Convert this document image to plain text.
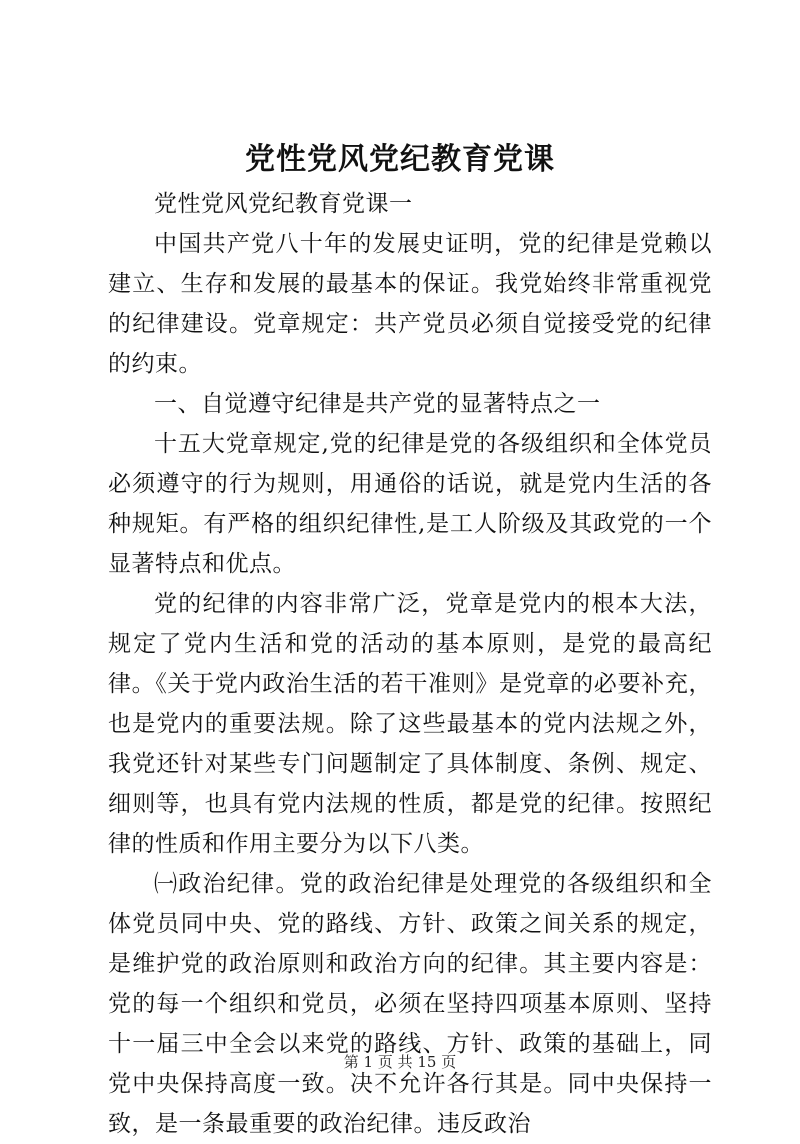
党性党风党纪教育党课

党性党风党纪教育党课一

中国共产党八十年的发展史证明，党的纪律是党赖以建立、生存和发展的最基本的保证。我党始终非常重视党的纪律建设。党章规定：共产党员必须自觉接受党的纪律的约束。

一、自觉遵守纪律是共产党的显著特点之一

十五大党章规定,党的纪律是党的各级组织和全体党员必须遵守的行为规则，用通俗的话说，就是党内生活的各种规矩。有严格的组织纪律性,是工人阶级及其政党的一个显著特点和优点。

党的纪律的内容非常广泛，党章是党内的根本大法，规定了党内生活和党的活动的基本原则，是党的最高纪律。《关于党内政治生活的若干准则》是党章的必要补充，也是党内的重要法规。除了这些最基本的党内法规之外，我党还针对某些专门问题制定了具体制度、条例、规定、细则等，也具有党内法规的性质，都是党的纪律。按照纪律的性质和作用主要分为以下八类。

㈠政治纪律。党的政治纪律是处理党的各级组织和全体党员同中央、党的路线、方针、政策之间关系的规定，是维护党的政治原则和政治方向的纪律。其主要内容是：党的每一个组织和党员，必须在坚持四项基本原则、坚持十一届三中全会以来党的路线、方针、政策的基础上，同党中央保持高度一致。决不允许各行其是。同中央保持一致，是一条最重要的政治纪律。违反政治

第 1 页 共 15 页
